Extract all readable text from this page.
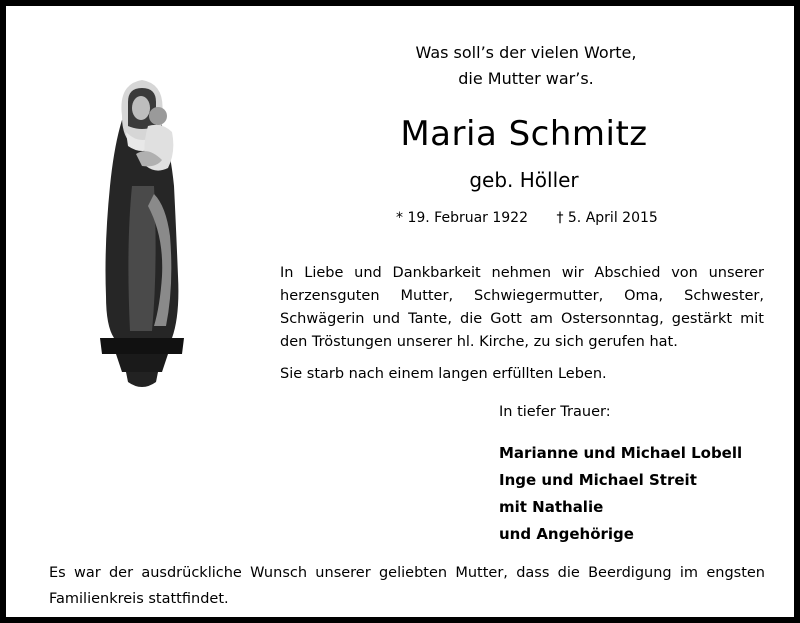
Was soll’s der vielen Worte,
die Mutter war’s.
Maria Schmitz
geb. Höller
* 19. Februar 1922 † 5. April 2015
In Liebe und Dankbarkeit nehmen wir Abschied von unserer herzensguten Mutter, Schwiegermutter, Oma, Schwester, Schwägerin und Tante, die Gott am Ostersonntag, gestärkt mit den Tröstungen unserer hl. Kirche, zu sich gerufen hat.
Sie starb nach einem langen erfüllten Leben.
In tiefer Trauer:
Marianne und Michael Lobell
Inge und Michael Streit
mit Nathalie
und Angehörige
Es war der ausdrückliche Wunsch unserer geliebten Mutter, dass die Beerdigung im engsten Familienkreis stattfindet.
